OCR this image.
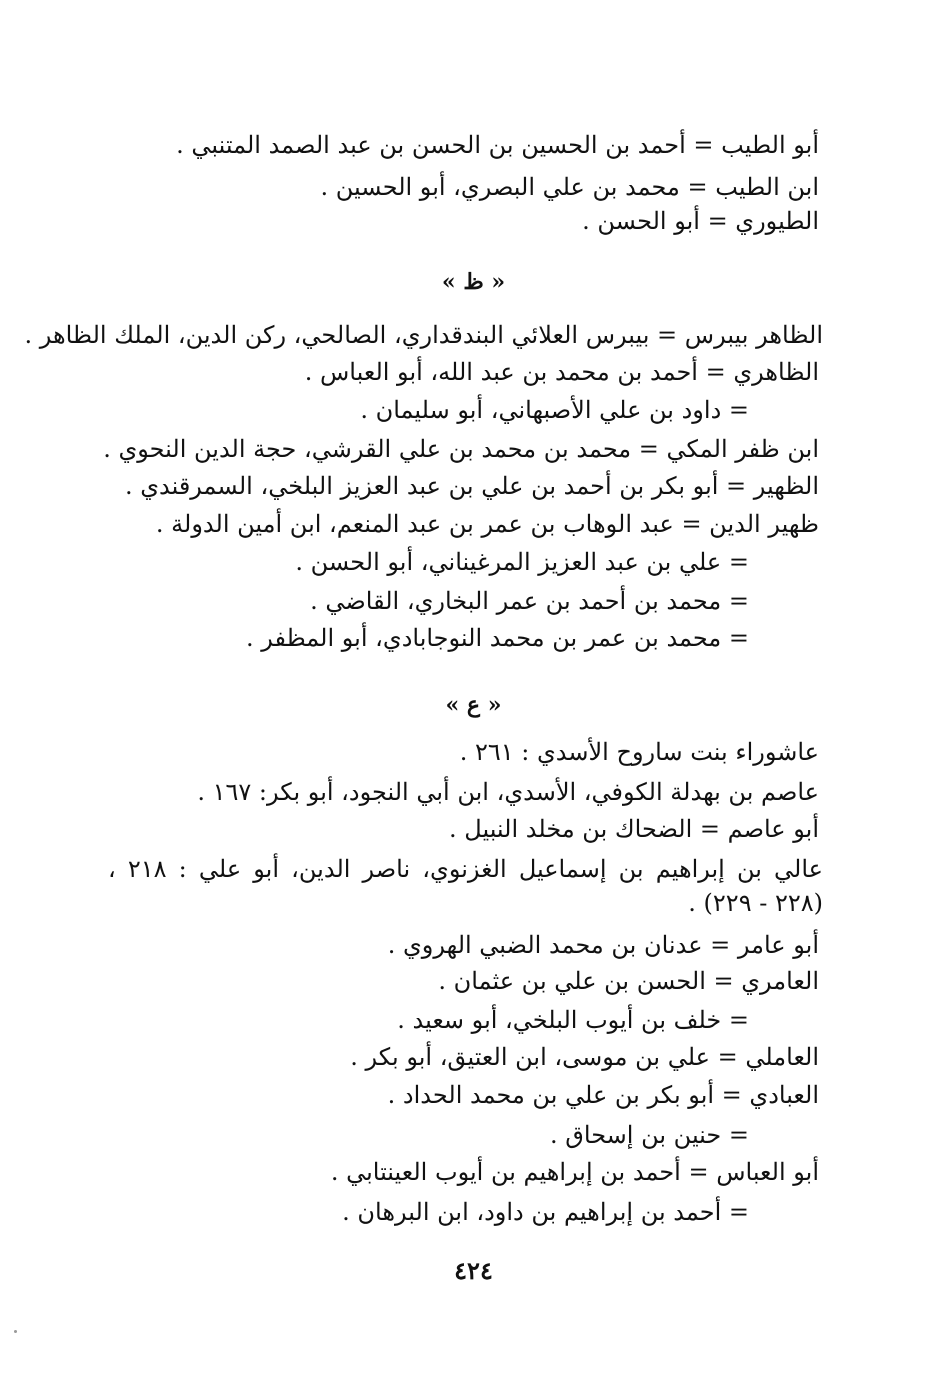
أبو الطيب = أحمد بن الحسين بن الحسن بن عبد الصمد المتنبي .
ابن الطيب = محمد بن علي البصري، أبو الحسين .
الطيوري = أبو الحسن .
« ظ »
الظاهر بيبرس = بيبرس العلائي البندقداري، الصالحي، ركن الدين، الملك الظاهر .
الظاهري = أحمد بن محمد بن عبد الله، أبو العباس .
= داود بن علي الأصبهاني، أبو سليمان .
ابن ظفر المكي = محمد بن محمد بن علي القرشي، حجة الدين النحوي .
الظهير = أبو بكر بن أحمد بن علي بن عبد العزيز البلخي، السمرقندي .
ظهير الدين = عبد الوهاب بن عمر بن عبد المنعم، ابن أمين الدولة .
= علي بن عبد العزيز المرغيناني، أبو الحسن .
= محمد بن أحمد بن عمر البخاري، القاضي .
= محمد بن عمر بن محمد النوجابادي، أبو المظفر .
« ع »
عاشوراء بنت ساروح الأسدي : ٢٦١ .
عاصم بن بهدلة الكوفي، الأسدي، ابن أبي النجود، أبو بكر: ١٦٧ .
أبو عاصم = الضحاك بن مخلد النبيل .
عالي بن إبراهيم بن إسماعيل الغزنوي، ناصر الدين، أبو علي : ٢١٨ ، (٢٢٨ - ٢٢٩) .
أبو عامر = عدنان بن محمد الضبي الهروي .
العامري = الحسن بن علي بن عثمان .
= خلف بن أيوب البلخي، أبو سعيد .
العاملي = علي بن موسى، ابن العتيق، أبو بكر .
العبادي = أبو بكر بن علي بن محمد الحداد .
= حنين بن إسحاق .
أبو العباس = أحمد بن إبراهيم بن أيوب العينتابي .
= أحمد بن إبراهيم بن داود، ابن البرهان .
٤٢٤
